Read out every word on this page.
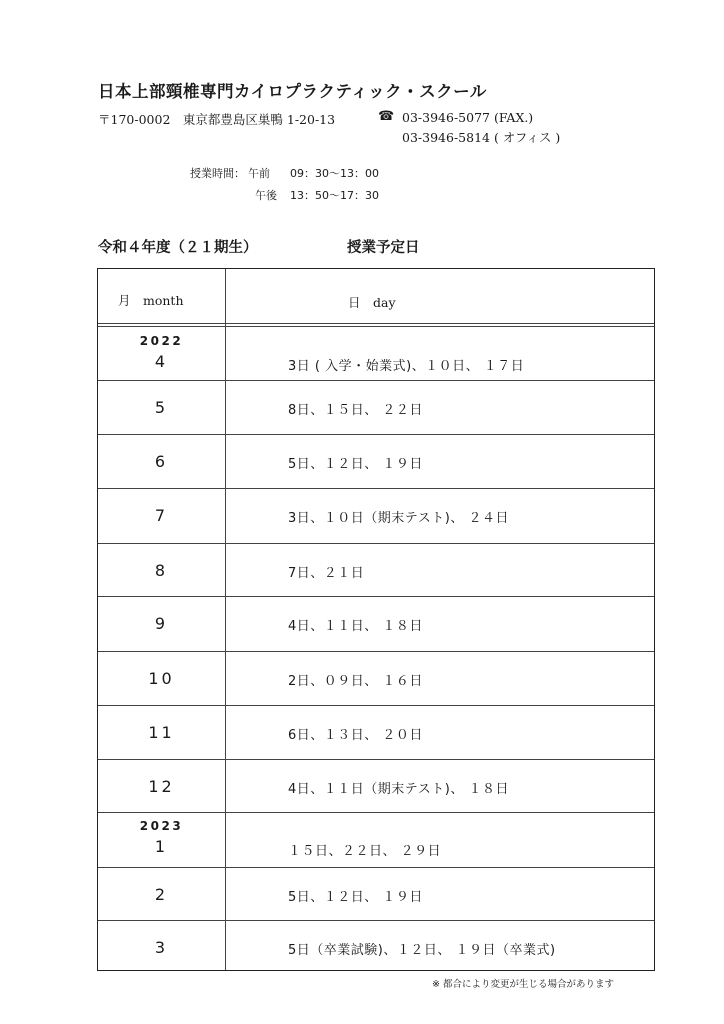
日本上部頸椎専門カイロプラクティック・スクール
〒170-0002　東京都豊島区巣鴨 1-20-13	☎ 03-3946-5077 (FAX.)
03-3946-5814 ( オフィス )
授業時間： 午前 09：30〜13：00
午後 13：50〜17：30
令和４年度（２１期生）	授業予定日
月　month	日　day
2022
4	3日 ( 入学・始業式)、１０日、 １７日
5	8日、１５日、 ２２日
6	5日、１２日、 １９日
7	3日、１０日（期末テスト)、 ２４日
8	7日、２１日
9	4日、１１日、 １８日
10	2日、０９日、 １６日
11	6日、１３日、 ２０日
12	4日、１１日（期末テスト)、 １８日
2023
1	１５日、２２日、 ２９日
2	5日、１２日、 １９日
3	5日（卒業試験)、１２日、 １９日（卒業式)
※ 都合により変更が生じる場合があります
